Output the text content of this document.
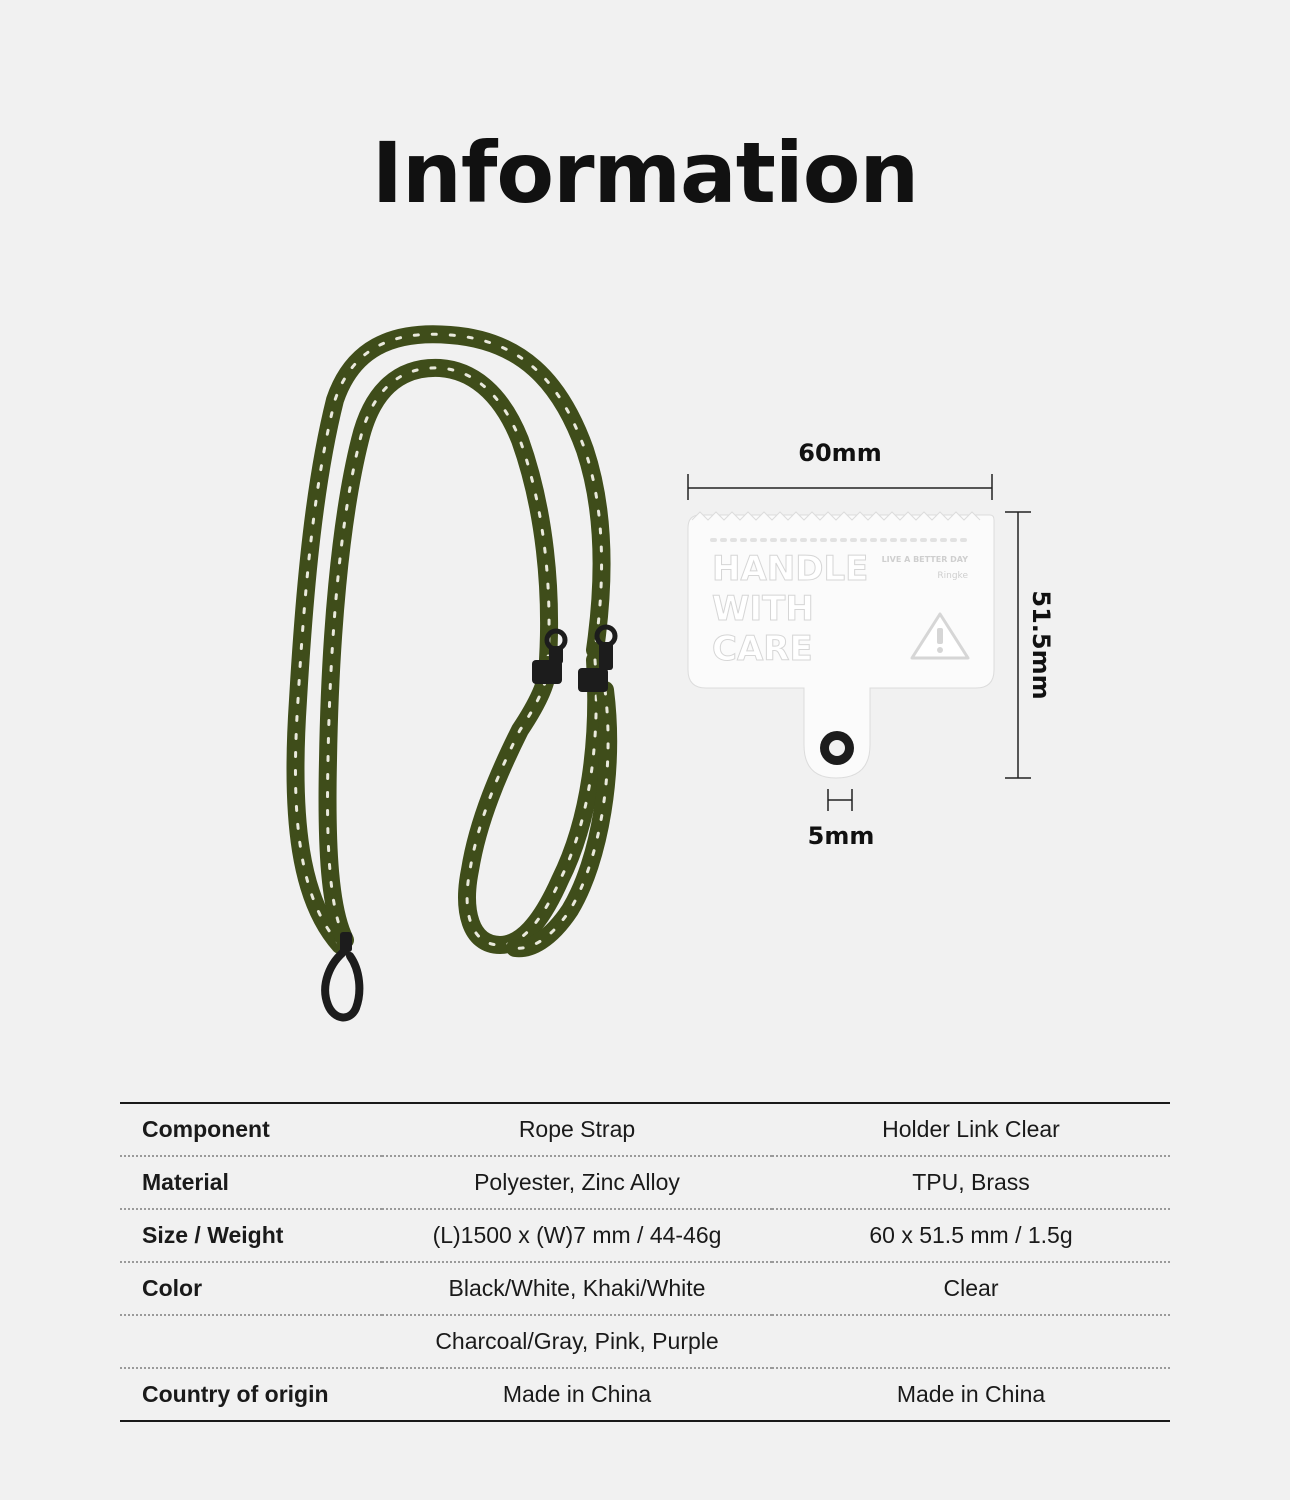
Information
HANDLE
WITH
CARE
LIVE A BETTER DAY
Ringke
60mm
51.5mm
5mm
Component	Rope Strap	Holder Link Clear
Material	Polyester, Zinc Alloy	TPU, Brass
Size / Weight	(L)1500 x (W)7 mm / 44-46g	60 x 51.5 mm / 1.5g
Color	Black/White, Khaki/White	Clear
	Charcoal/Gray, Pink, Purple	
Country of origin	Made in China	Made in China
